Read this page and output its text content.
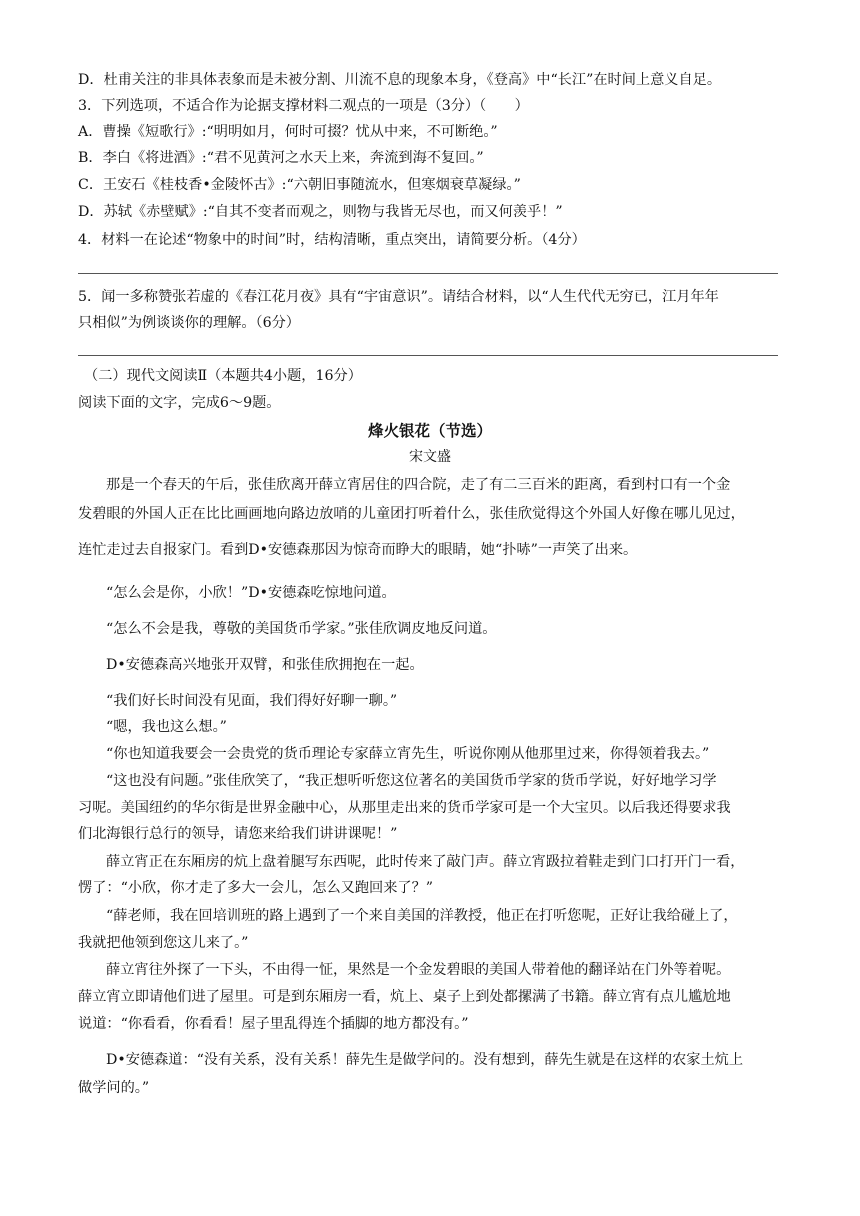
D．杜甫关注的非具体表象而是未被分割、川流不息的现象本身，《登高》中“长江”在时间上意义自足。
3．下列选项，不适合作为论据支撑材料二观点的一项是（3分）（　　）
A．曹操《短歌行》:“明明如月，何时可掇？忧从中来，不可断绝。”
B．李白《将进酒》:“君不见黄河之水天上来，奔流到海不复回。”
C．王安石《桂枝香•金陵怀古》:“六朝旧事随流水，但寒烟衰草凝绿。”
D．苏轼《赤壁赋》:“自其不变者而观之，则物与我皆无尽也，而又何羡乎！”
4．材料一在论述“物象中的时间”时，结构清晰，重点突出，请简要分析。（4分）
5．闻一多称赞张若虚的《春江花月夜》具有“宇宙意识”。请结合材料，以“人生代代无穷已，江月年年
只相似”为例谈谈你的理解。（6分）
（二）现代文阅读Ⅱ（本题共4小题，16分）
阅读下面的文字，完成6～9题。
烽火银花（节选）
宋文盛
那是一个春天的午后，张佳欣离开薛立宵居住的四合院，走了有二三百米的距离，看到村口有一个金
发碧眼的外国人正在比比画画地向路边放哨的儿童团打听着什么，张佳欣觉得这个外国人好像在哪儿见过，
连忙走过去自报家门。看到D•安德森那因为惊奇而睁大的眼睛，她“扑哧”一声笑了出来。
“怎么会是你，小欣！”D•安德森吃惊地问道。
“怎么不会是我，尊敬的美国货币学家。”张佳欣调皮地反问道。
D•安德森高兴地张开双臂，和张佳欣拥抱在一起。
“我们好长时间没有见面，我们得好好聊一聊。”
“嗯，我也这么想。”
“你也知道我要会一会贵党的货币理论专家薛立宵先生，听说你刚从他那里过来，你得领着我去。”
“这也没有问题。”张佳欣笑了，“我正想听听您这位著名的美国货币学家的货币学说，好好地学习学
习呢。美国纽约的华尔街是世界金融中心，从那里走出来的货币学家可是一个大宝贝。以后我还得要求我
们北海银行总行的领导，请您来给我们讲讲课呢！”
薛立宵正在东厢房的炕上盘着腿写东西呢，此时传来了敲门声。薛立宵趿拉着鞋走到门口打开门一看，
愣了：“小欣，你才走了多大一会儿，怎么又跑回来了？”
“薛老师，我在回培训班的路上遇到了一个来自美国的洋教授，他正在打听您呢，正好让我给碰上了，
我就把他领到您这儿来了。”
薛立宵往外探了一下头，不由得一怔，果然是一个金发碧眼的美国人带着他的翻译站在门外等着呢。
薛立宵立即请他们进了屋里。可是到东厢房一看，炕上、桌子上到处都摞满了书籍。薛立宵有点儿尴尬地
说道：“你看看，你看看！屋子里乱得连个插脚的地方都没有。”
D•安德森道：“没有关系，没有关系！薛先生是做学问的。没有想到，薛先生就是在这样的农家土炕上
做学问的。”
